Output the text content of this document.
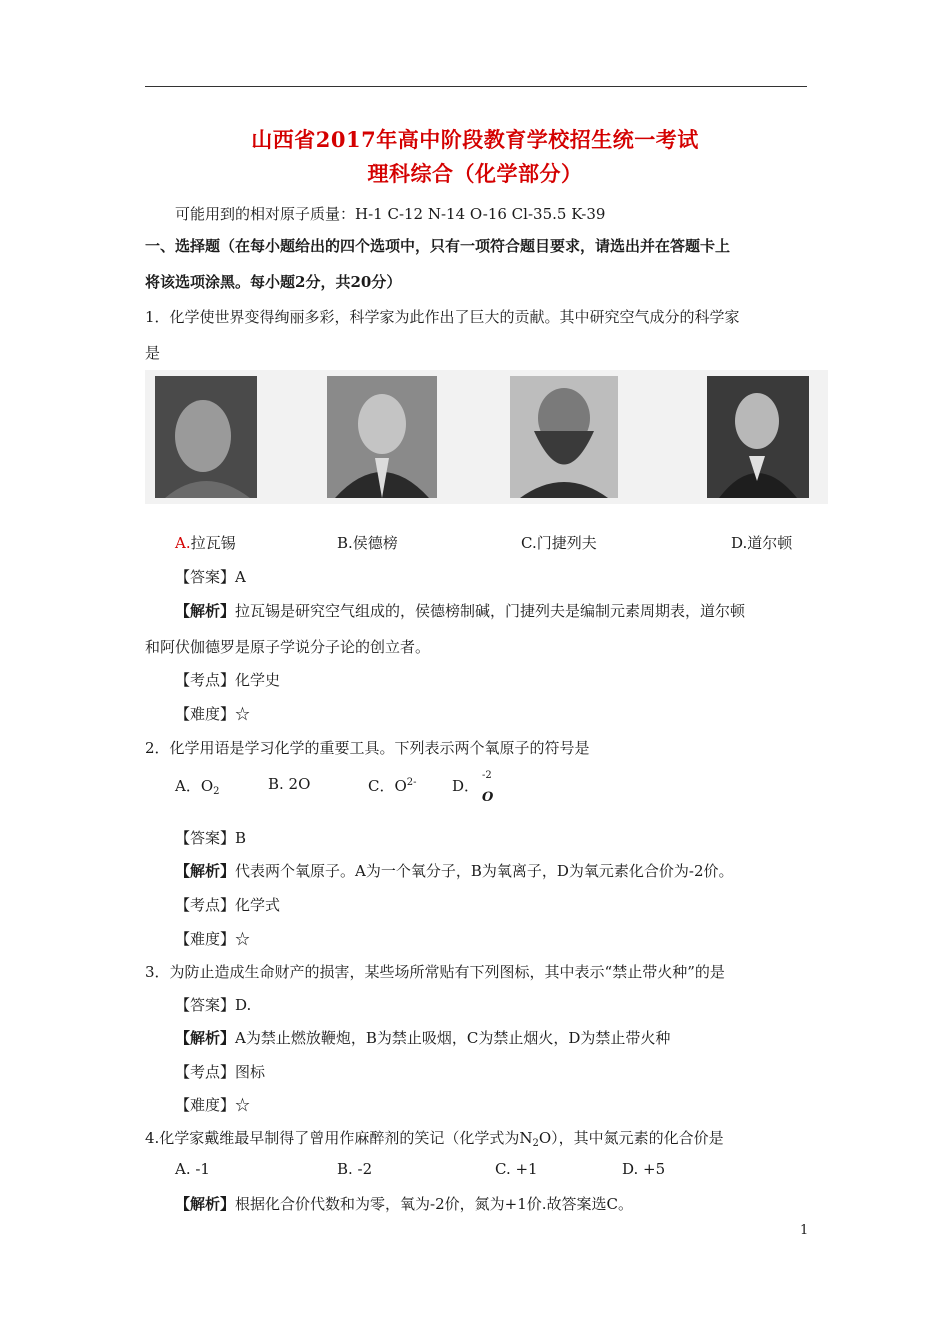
山西省2017年高中阶段教育学校招生统一考试
理科综合（化学部分）
可能用到的相对原子质量：H-1 C-12 N-14 O-16 Cl-35.5 K-39
一、选择题（在每小题给出的四个选项中，只有一项符合题目要求，请选出并在答题卡上
将该选项涂黑。每小题2分，共20分）
1．化学使世界变得绚丽多彩，科学家为此作出了巨大的贡献。其中研究空气成分的科学家
是
A.拉瓦锡	B.侯德榜	C.门捷列夫	D.道尔顿
【答案】A
【解析】拉瓦锡是研究空气组成的，侯德榜制碱，门捷列夫是编制元素周期表，道尔顿
和阿伏伽德罗是原子学说分子论的创立者。
【考点】化学史
【难度】☆
2．化学用语是学习化学的重要工具。下列表示两个氧原子的符号是
A．$O_2$	B. 2O	C．$O^{2-}$ D．
-2
O
【答案】B
【解析】代表两个氧原子。A为一个氧分子，B为氧离子，D为氧元素化合价为-2价。
【考点】化学式
【难度】☆
3．为防止造成生命财产的损害，某些场所常贴有下列图标，其中表示“禁止带火种”的是
【答案】D.
【解析】A为禁止燃放鞭炮，B为禁止吸烟，C为禁止烟火，D为禁止带火种
【考点】图标
【难度】☆
4.化学家戴维最早制得了曾用作麻醉剂的笑记（化学式为$N_2O$），其中氮元素的化合价是
A. -1	B. -2	C. +1	D. +5
【解析】根据化合价代数和为零，氧为-2价，氮为+1价.故答案选C。
1
